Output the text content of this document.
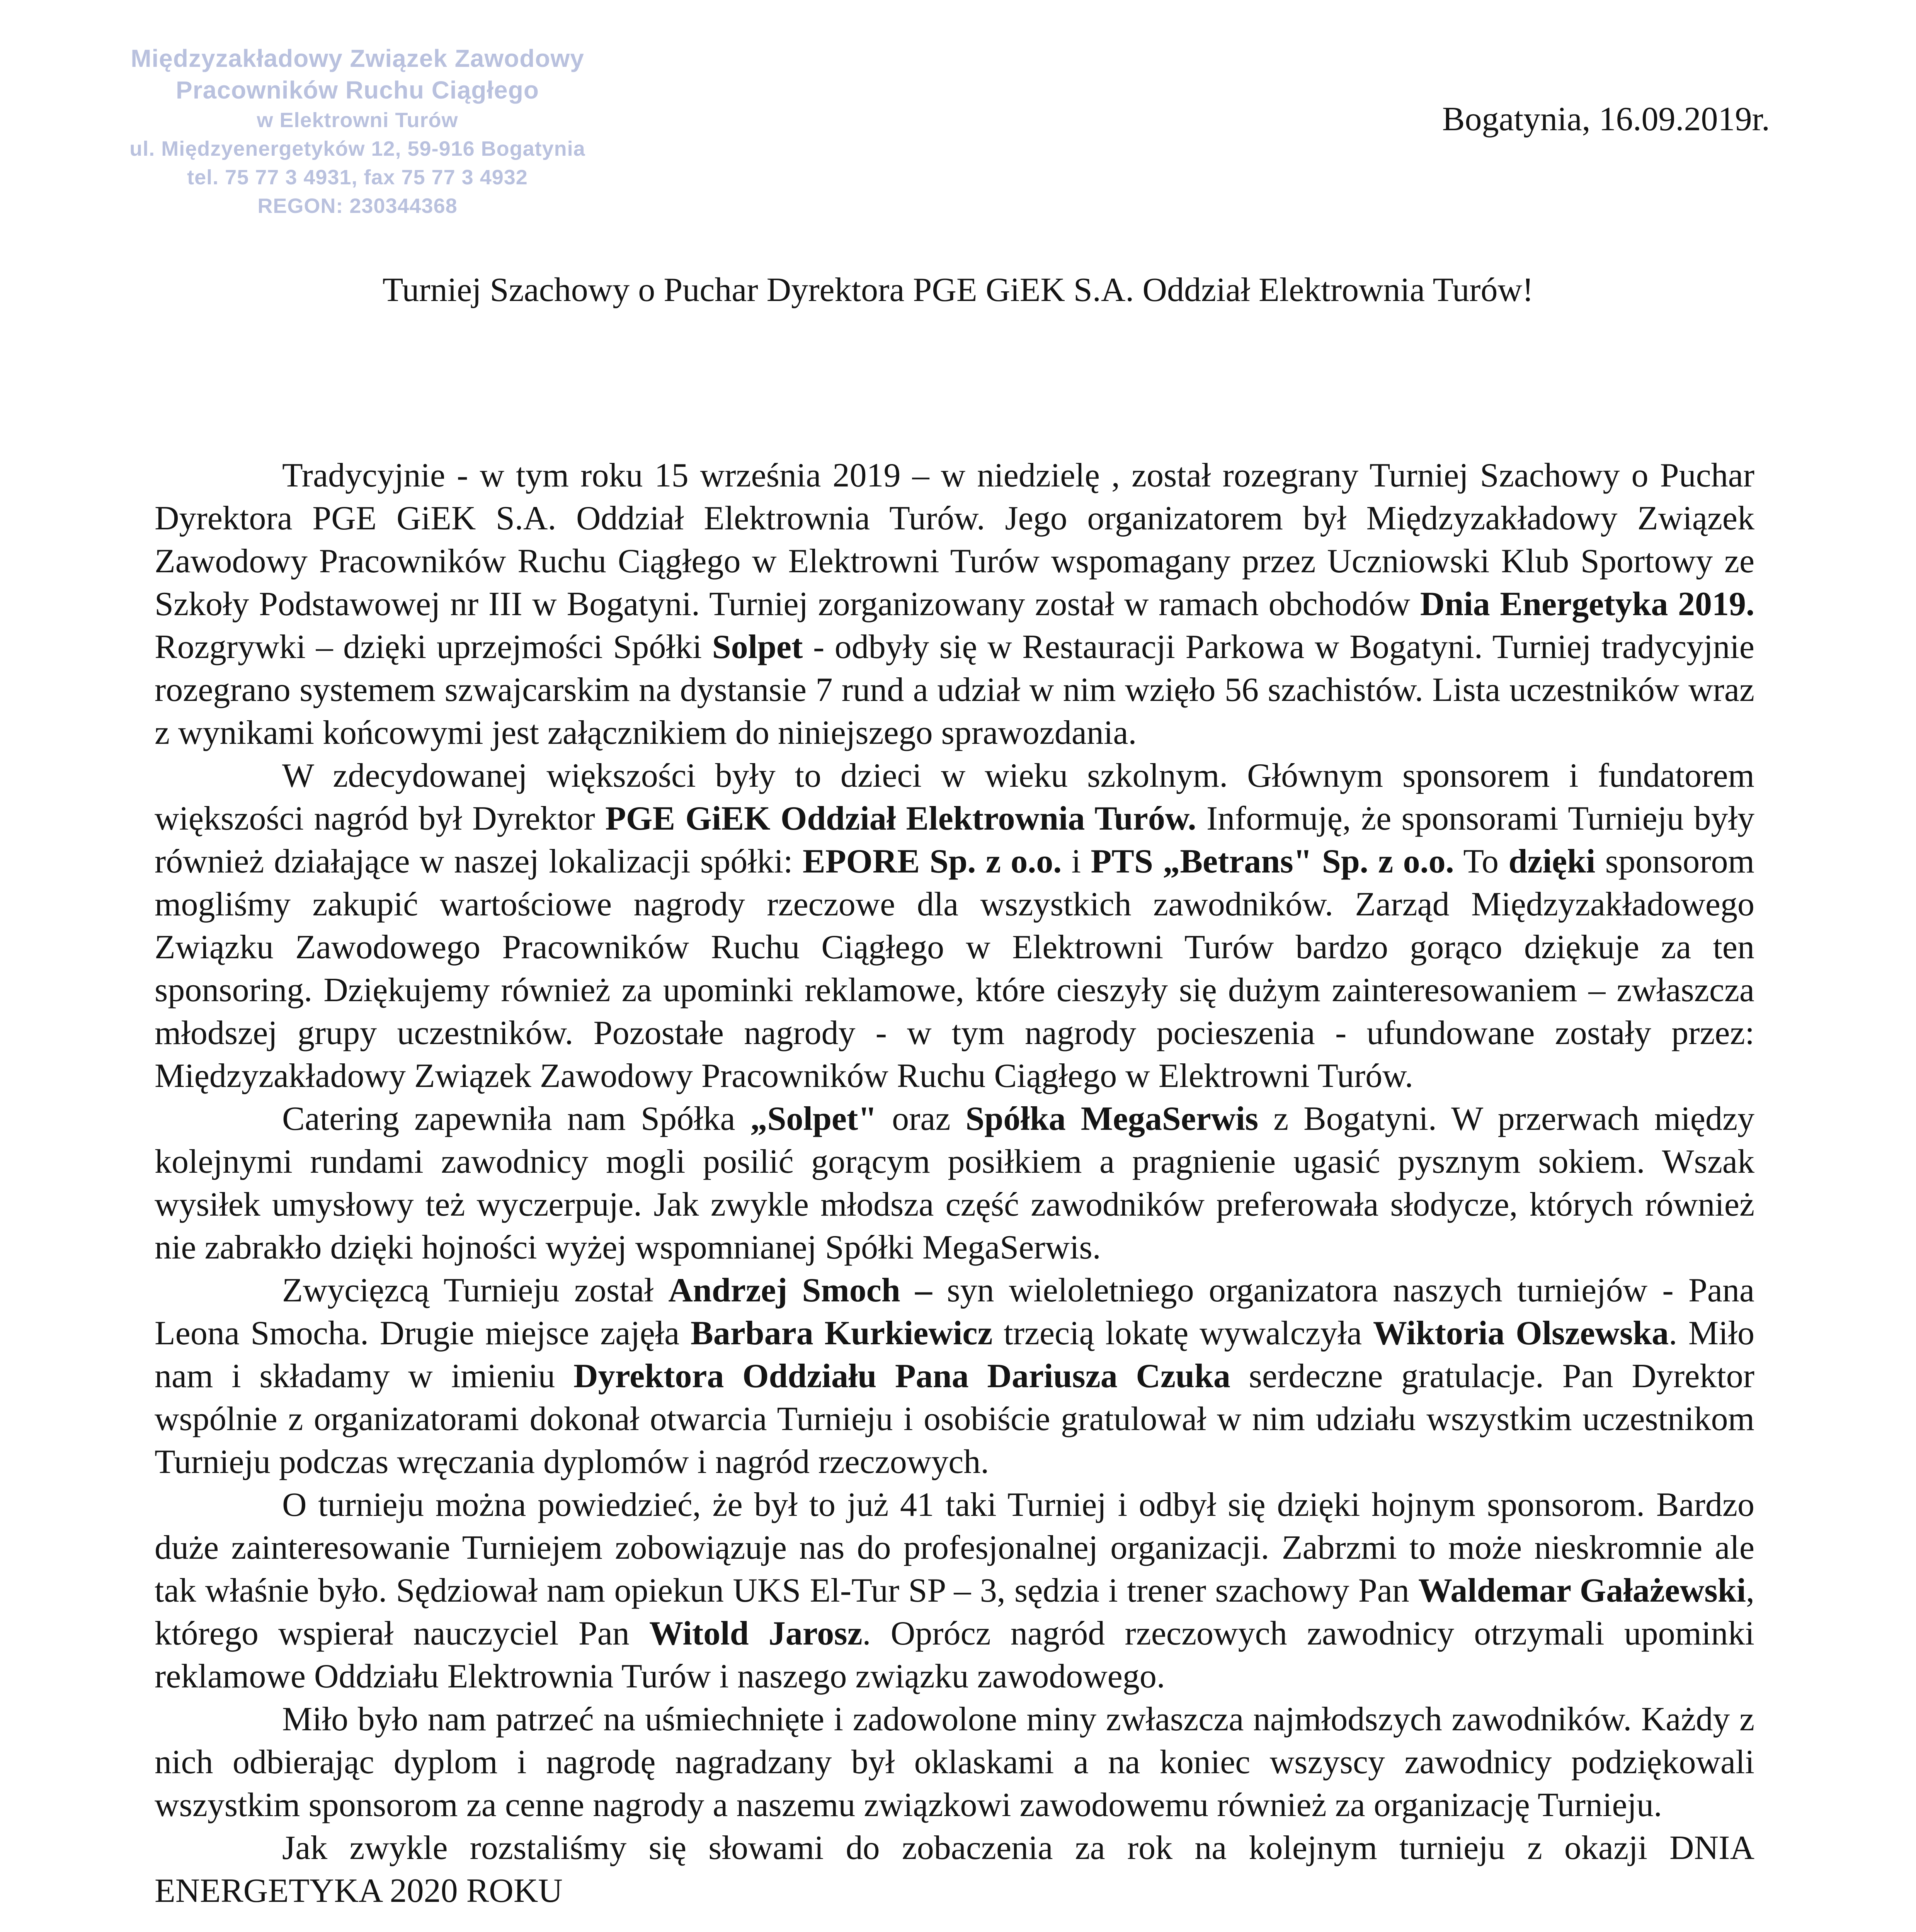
Międzyzakładowy Związek Zawodowy
Pracowników Ruchu Ciągłego
w Elektrowni Turów
ul. Międzyenergetyków 12, 59-916 Bogatynia
tel. 75 77 3 4931, fax 75 77 3 4932
REGON: 230344368

Bogatynia, 16.09.2019r.

Turniej Szachowy o Puchar Dyrektora PGE GiEK S.A. Oddział Elektrownia Turów!

Tradycyjnie - w tym roku 15 września 2019 – w niedzielę , został rozegrany Turniej Szachowy o Puchar Dyrektora PGE GiEK S.A. Oddział Elektrownia Turów. Jego organizatorem był Międzyzakładowy Związek Zawodowy Pracowników Ruchu Ciągłego w Elektrowni Turów wspomagany przez Uczniowski Klub Sportowy ze Szkoły Podstawowej nr III w Bogatyni. Turniej zorganizowany został w ramach obchodów Dnia Energetyka 2019. Rozgrywki – dzięki uprzejmości Spółki Solpet - odbyły się w Restauracji Parkowa w Bogatyni. Turniej tradycyjnie rozegrano systemem szwajcarskim na dystansie 7 rund a udział w nim wzięło 56 szachistów. Lista uczestników wraz z wynikami końcowymi jest załącznikiem do niniejszego sprawozdania.

W zdecydowanej większości były to dzieci w wieku szkolnym. Głównym sponsorem i fundatorem większości nagród był Dyrektor PGE GiEK Oddział Elektrownia Turów. Informuję, że sponsorami Turnieju były również działające w naszej lokalizacji spółki: EPORE Sp. z o.o. i PTS „Betrans" Sp. z o.o. To dzięki sponsorom mogliśmy zakupić wartościowe nagrody rzeczowe dla wszystkich zawodników. Zarząd Międzyzakładowego Związku Zawodowego Pracowników Ruchu Ciągłego w Elektrowni Turów bardzo gorąco dziękuje za ten sponsoring. Dziękujemy również za upominki reklamowe, które cieszyły się dużym zainteresowaniem – zwłaszcza młodszej grupy uczestników. Pozostałe nagrody - w tym nagrody pocieszenia - ufundowane zostały przez: Międzyzakładowy Związek Zawodowy Pracowników Ruchu Ciągłego w Elektrowni Turów.

Catering zapewniła nam Spółka „Solpet" oraz Spółka MegaSerwis z Bogatyni. W przerwach między kolejnymi rundami zawodnicy mogli posilić gorącym posiłkiem a pragnienie ugasić pysznym sokiem. Wszak wysiłek umysłowy też wyczerpuje. Jak zwykle młodsza część zawodników preferowała słodycze, których również nie zabrakło dzięki hojności wyżej wspomnianej Spółki MegaSerwis.

Zwycięzcą Turnieju został Andrzej Smoch – syn wieloletniego organizatora naszych turniejów - Pana Leona Smocha. Drugie miejsce zajęła Barbara Kurkiewicz trzecią lokatę wywalczyła Wiktoria Olszewska. Miło nam i składamy w imieniu Dyrektora Oddziału Pana Dariusza Czuka serdeczne gratulacje. Pan Dyrektor wspólnie z organizatorami dokonał otwarcia Turnieju i osobiście gratulował w nim udziału wszystkim uczestnikom Turnieju podczas wręczania dyplomów i nagród rzeczowych.

O turnieju można powiedzieć, że był to już 41 taki Turniej i odbył się dzięki hojnym sponsorom. Bardzo duże zainteresowanie Turniejem zobowiązuje nas do profesjonalnej organizacji. Zabrzmi to może nieskromnie ale tak właśnie było. Sędziował nam opiekun UKS El-Tur SP – 3, sędzia i trener szachowy Pan Waldemar Gałażewski, którego wspierał nauczyciel Pan Witold Jarosz. Oprócz nagród rzeczowych zawodnicy otrzymali upominki reklamowe Oddziału Elektrownia Turów i naszego związku zawodowego.

Miło było nam patrzeć na uśmiechnięte i zadowolone miny zwłaszcza najmłodszych zawodników. Każdy z nich odbierając dyplom i nagrodę nagradzany był oklaskami a na koniec wszyscy zawodnicy podziękowali wszystkim sponsorom za cenne nagrody a naszemu związkowi zawodowemu również za organizację Turnieju.

Jak zwykle rozstaliśmy się słowami do zobaczenia za rok na kolejnym turnieju z okazji DNIA ENERGETYKA 2020 ROKU
